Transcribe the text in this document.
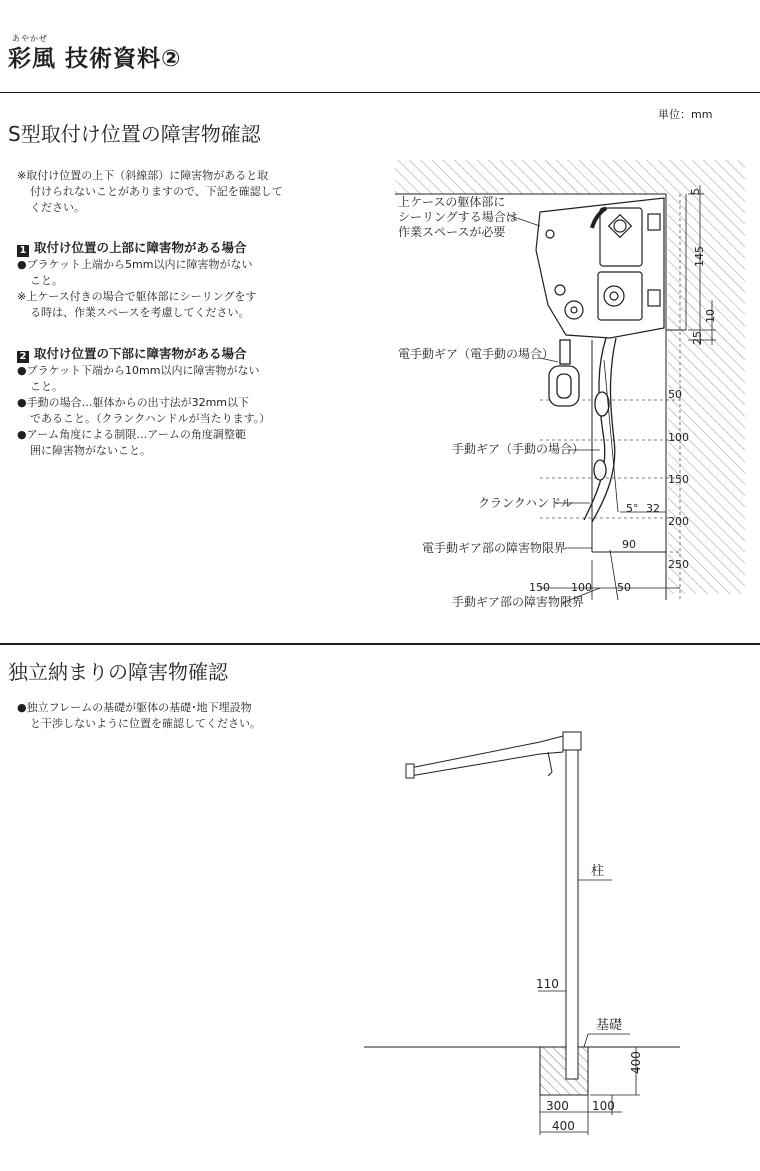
あやかぜ
彩風 技術資料②
S型取付け位置の障害物確認
単位：mm

※取付け位置の上下（斜線部）に障害物があると取

付けられないことがありますので、下記を確認して

ください。

1 取付け位置の上部に障害物がある場合

●ブラケット上端から5mm以内に障害物がない

こと。

※上ケース付きの場合で躯体部にシーリングをす

る時は、作業スペースを考慮してください。

2 取付け位置の下部に障害物がある場合

●ブラケット下端から10mm以内に障害物がない

こと。

●手動の場合…躯体からの出寸法が32mm以下

であること。（クランクハンドルが当たります。）

●アーム角度による制限…アームの角度調整範

囲に障害物がないこと。

上ケースの躯体部に
シーリングする場合は
作業スペースが必要
電手動ギア（電手動の場合）
手動ギア（手動の場合）
クランクハンドル
電手動ギア部の障害物限界
手動ギア部の障害物限界
5
145
10
25
50
100
150
200
250
5° 32
90
150 100 50
独立納まりの障害物確認

●独立フレームの基礎が躯体の基礎･地下埋設物

と干渉しないように位置を確認してください。

柱
基礎
110
400
300 100
400
